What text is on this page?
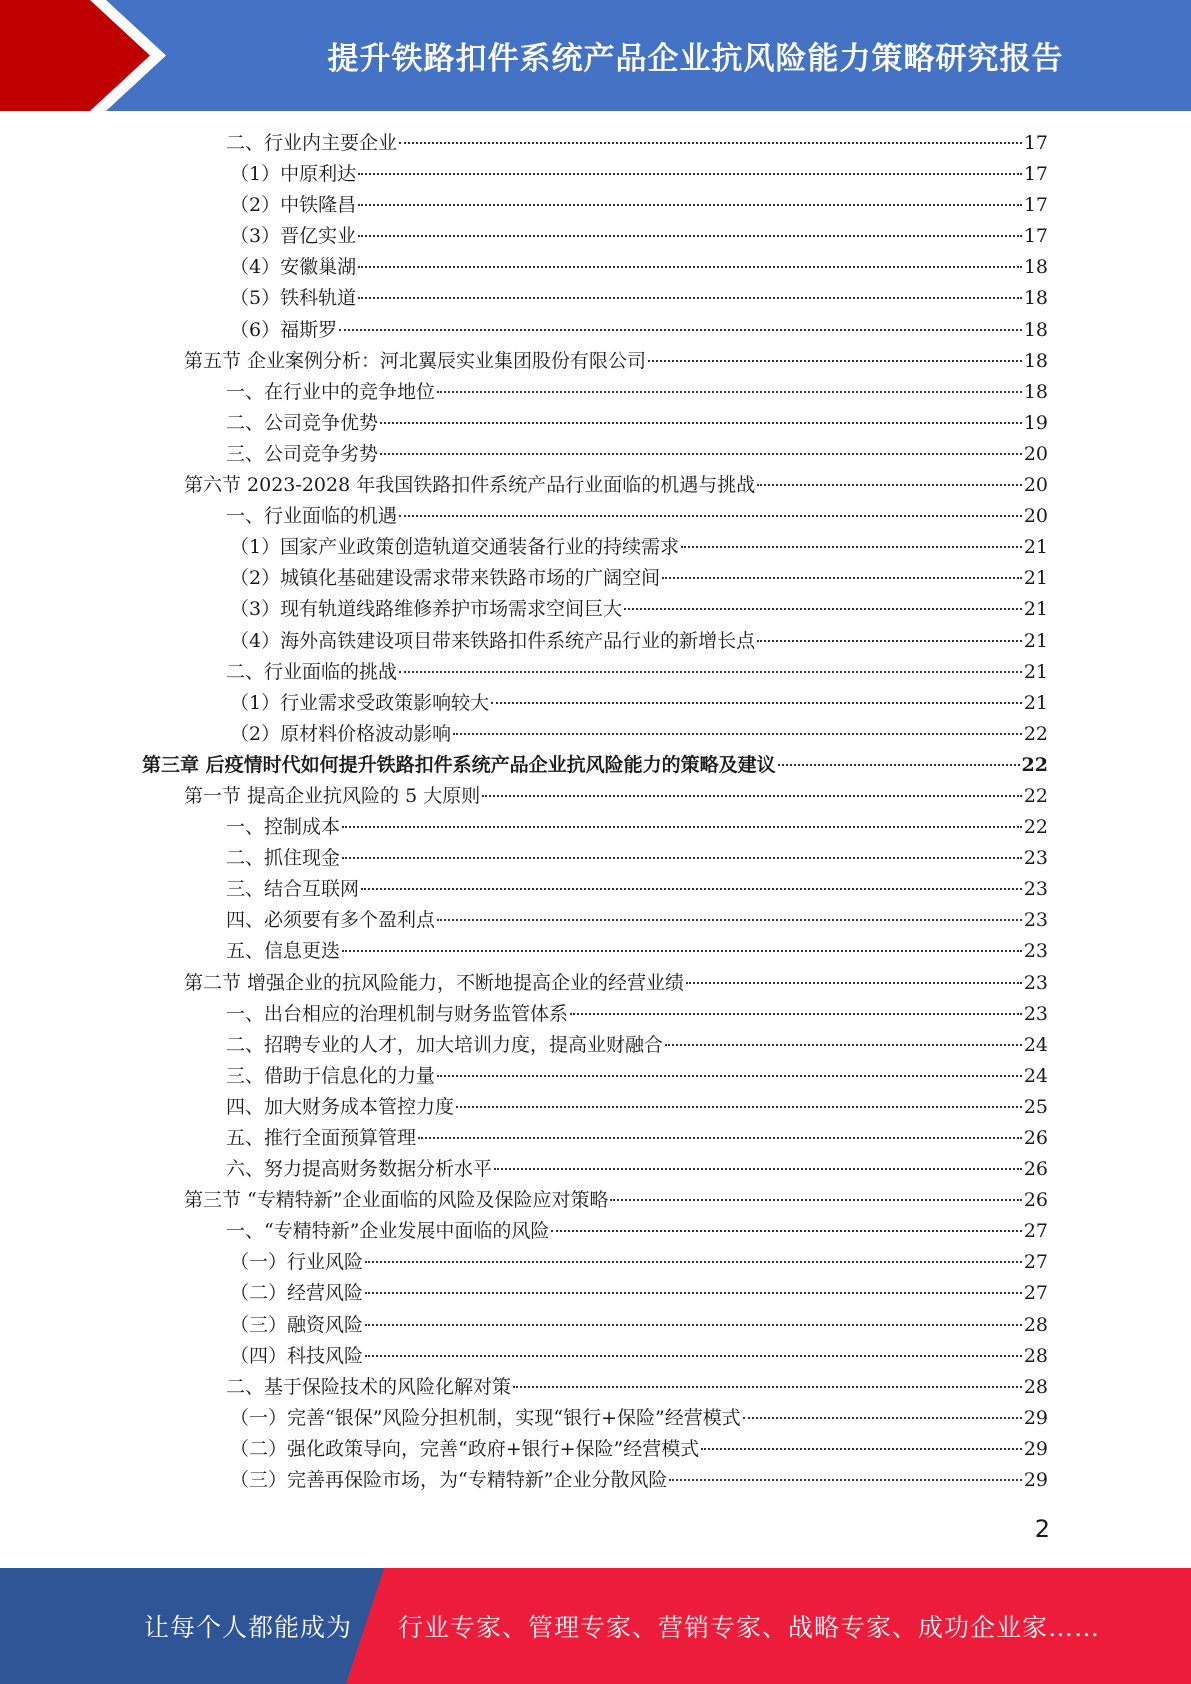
提升铁路扣件系统产品企业抗风险能力策略研究报告
二、行业内主要企业	17
（1）中原利达	17
（2）中铁隆昌	17
（3）晋亿实业	17
（4）安徽巢湖	18
（5）铁科轨道	18
（6）福斯罗	18
第五节 企业案例分析：河北翼辰实业集团股份有限公司	18
一、在行业中的竞争地位	18
二、公司竞争优势	19
三、公司竞争劣势	20
第六节 2023-2028 年我国铁路扣件系统产品行业面临的机遇与挑战	20
一、行业面临的机遇	20
（1）国家产业政策创造轨道交通装备行业的持续需求	21
（2）城镇化基础建设需求带来铁路市场的广阔空间	21
（3）现有轨道线路维修养护市场需求空间巨大	21
（4）海外高铁建设项目带来铁路扣件系统产品行业的新增长点	21
二、行业面临的挑战	21
（1）行业需求受政策影响较大	21
（2）原材料价格波动影响	22
第三章 后疫情时代如何提升铁路扣件系统产品企业抗风险能力的策略及建议	22
第一节 提高企业抗风险的 5 大原则	22
一、控制成本	22
二、抓住现金	23
三、结合互联网	23
四、必须要有多个盈利点	23
五、信息更迭	23
第二节 增强企业的抗风险能力，不断地提高企业的经营业绩	23
一、出台相应的治理机制与财务监管体系	23
二、招聘专业的人才，加大培训力度，提高业财融合	24
三、借助于信息化的力量	24
四、加大财务成本管控力度	25
五、推行全面预算管理	26
六、努力提高财务数据分析水平	26
第三节 “专精特新”企业面临的风险及保险应对策略	26
一、“专精特新”企业发展中面临的风险	27
（一）行业风险	27
（二）经营风险	27
（三）融资风险	28
（四）科技风险	28
二、基于保险技术的风险化解对策	28
（一）完善“银保”风险分担机制，实现“银行+保险”经营模式	29
（二）强化政策导向，完善“政府+银行+保险”经营模式	29
（三）完善再保险市场，为“专精特新”企业分散风险	29
2
让每个人都能成为 行业专家、管理专家、营销专家、战略专家、成功企业家……
